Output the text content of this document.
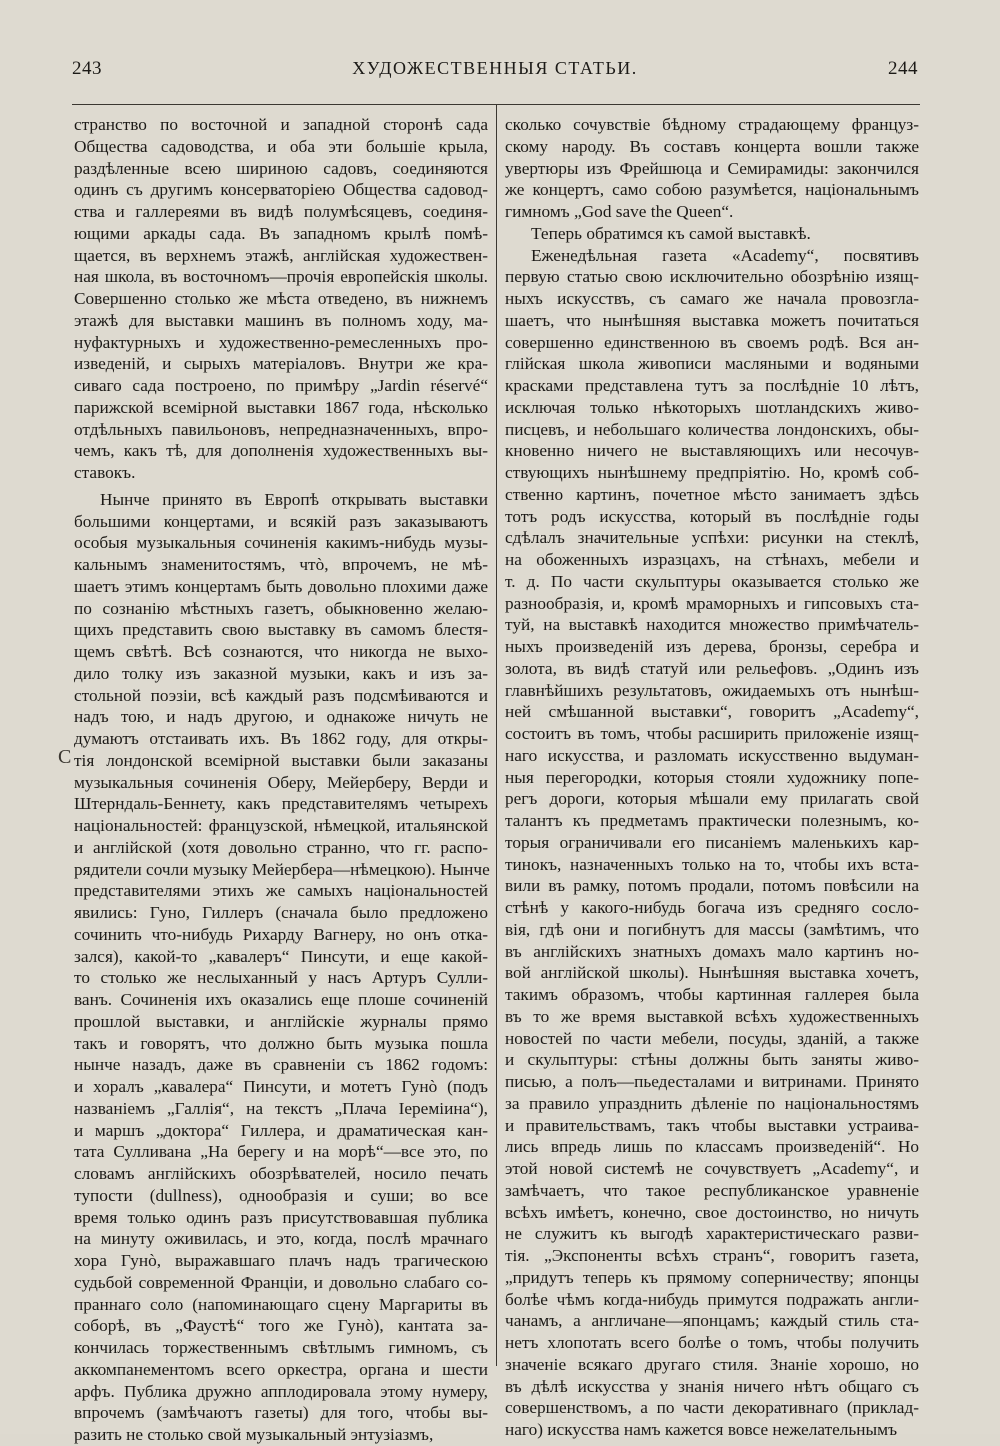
243	ХУДОЖЕСТВЕННЫЯ СТАТЬИ.	244
С
странство по восточной и западной сторонѣ сада
Общества садоводства, и оба эти большіе крыла,
раздѣленные всею шириною садовъ, соединяются
одинъ съ другимъ консерваторіею Общества садовод-
ства и галлереями въ видѣ полумѣсяцевъ, соединя-
ющими аркады сада. Въ западномъ крылѣ помѣ-
щается, въ верхнемъ этажѣ, англійская художествен-
ная школа, въ восточномъ—прочія европейскія школы.
Совершенно столько же мѣста отведено, въ нижнемъ
этажѣ для выставки машинъ въ полномъ ходу, ма-
нуфактурныхъ и художественно-ремесленныхъ про-
изведеній, и сырыхъ матеріаловъ. Внутри же кра-
сиваго сада построено, по примѣру „Jardin réservé“
парижской всемірной выставки 1867 года, нѣсколько
отдѣльныхъ павильоновъ, непредназначенныхъ, впро-
чемъ, какъ тѣ, для дополненія художественныхъ вы-
ставокъ.
Нынче принято въ Европѣ открывать выставки
большими концертами, и всякій разъ заказываютъ
особыя музыкальныя сочиненія какимъ-нибудь музы-
кальнымъ знаменитостямъ, чтò, впрочемъ, не мѣ-
шаетъ этимъ концертамъ быть довольно плохими даже
по сознанію мѣстныхъ газетъ, обыкновенно желаю-
щихъ представить свою выставку въ самомъ блестя-
щемъ свѣтѣ. Всѣ сознаются, что никогда не выхо-
дило толку изъ заказной музыки, какъ и изъ за-
стольной поэзіи, всѣ каждый разъ подсмѣиваются и
надъ тою, и надъ другою, и однакоже ничуть не
думаютъ отстаивать ихъ. Въ 1862 году, для откры-
тія лондонской всемірной выставки были заказаны
музыкальныя сочиненія Оберу, Мейерберу, Верди и
Штерндаль-Беннету, какъ представителямъ четырехъ
національностей: французской, нѣмецкой, итальянской
и англійской (хотя довольно странно, что гг. распо-
рядители сочли музыку Мейербера—нѣмецкою). Нынче
представителями этихъ же самыхъ національностей
явились: Гуно, Гиллеръ (сначала было предложено
сочинить что-нибудь Рихарду Вагнеру, но онъ отка-
зался), какой-то „кавалеръ“ Пинсути, и еще какой-
то столько же неслыханный у насъ Артуръ Сулли-
ванъ. Сочиненія ихъ оказались еще плоше сочиненій
прошлой выставки, и англійскіе журналы прямо
такъ и говорятъ, что должно быть музыка пошла
нынче назадъ, даже въ сравненіи съ 1862 годомъ:
и хоралъ „кавалера“ Пинсути, и мотетъ Гунò (подъ
названіемъ „Галлія“, на текстъ „Плача Іереміина“),
и маршъ „доктора“ Гиллера, и драматическая кан-
тата Сулливана „На берегу и на морѣ“—все это, по
словамъ англійскихъ обозрѣвателей, носило печать
тупости (dullness), однообразія и суши; во все
время только одинъ разъ присутствовавшая публика
на минуту оживилась, и это, когда, послѣ мрачнаго
хора Гунò, выражавшаго плачъ надъ трагическою
судьбой современной Франціи, и довольно слабаго со-
праннаго соло (напоминающаго сцену Маргариты въ
соборѣ, въ „Фаустѣ“ того же Гунò), кантата за-
кончилась торжественнымъ свѣтлымъ гимномъ, съ
аккомпанементомъ всего оркестра, органа и шести
арфъ. Публика дружно апплодировала этому нумеру,
впрочемъ (замѣчаютъ газеты) для того, чтобы вы-
разить не столько свой музыкальный энтузіазмъ,
сколько сочувствіе бѣдному страдающему француз-
скому народу. Въ составъ концерта вошли также
увертюры изъ Фрейшюца и Семирамиды: закончился
же концертъ, само собою разумѣется, національнымъ
гимномъ „God save the Queen“.
Теперь обратимся къ самой выставкѣ.
Еженедѣльная газета «Academy“, посвятивъ
первую статью свою исключительно обозрѣнію изящ-
ныхъ искусствъ, съ самаго же начала провозгла-
шаетъ, что нынѣшняя выставка можетъ почитаться
совершенно единственною въ своемъ родѣ. Вся ан-
глійская школа живописи масляными и водяными
красками представлена тутъ за послѣдніе 10 лѣтъ,
исключая только нѣкоторыхъ шотландскихъ живо-
писцевъ, и небольшаго количества лондонскихъ, обы-
кновенно ничего не выставляющихъ или несочув-
ствующихъ нынѣшнему предпріятію. Но, кромѣ соб-
ственно картинъ, почетное мѣсто занимаетъ здѣсь
тотъ родъ искусства, который въ послѣдніе годы
сдѣлалъ значительные успѣхи: рисунки на стеклѣ,
на обоженныхъ изразцахъ, на стѣнахъ, мебели и
т. д. По части скульптуры оказывается столько же
разнообразія, и, кромѣ мраморныхъ и гипсовыхъ ста-
туй, на выставкѣ находится множество примѣчатель-
ныхъ произведеній изъ дерева, бронзы, серебра и
золота, въ видѣ статуй или рельефовъ. „Одинъ изъ
главнѣйшихъ результатовъ, ожидаемыхъ отъ нынѣш-
ней смѣшанной выставки“, говоритъ „Academy“,
состоитъ въ томъ, чтобы расширить приложеніе изящ-
наго искусства, и разломать искусственно выдуман-
ныя перегородки, которыя стояли художнику попе-
регъ дороги, которыя мѣшали ему прилагать свой
талантъ къ предметамъ практически полезнымъ, ко-
торыя ограничивали его писаніемъ маленькихъ кар-
тинокъ, назначенныхъ только на то, чтобы ихъ вста-
вили въ рамку, потомъ продали, потомъ повѣсили на
стѣнѣ у какого-нибудь богача изъ средняго сосло-
вія, гдѣ они и погибнутъ для массы (замѣтимъ, что
въ англійскихъ знатныхъ домахъ мало картинъ но-
вой англійской школы). Нынѣшняя выставка хочетъ,
такимъ образомъ, чтобы картинная галлерея была
въ то же время выставкой всѣхъ художественныхъ
новостей по части мебели, посуды, зданій, а также
и скульптуры: стѣны должны быть заняты живо-
писью, а полъ—пьедесталами и витринами. Принято
за правило упразднить дѣленіе по національностямъ
и правительствамъ, такъ чтобы выставки устраива-
лись впредь лишь по классамъ произведеній“. Но
этой новой системѣ не сочувствуетъ „Academy“, и
замѣчаетъ, что такое республиканское уравненіе
всѣхъ имѣетъ, конечно, свое достоинство, но ничуть
не служитъ къ выгодѣ характеристическаго разви-
тія. „Экспоненты всѣхъ странъ“, говоритъ газета,
„придутъ теперь къ прямому соперничеству; японцы
болѣе чѣмъ когда-нибудь примутся подражать англи-
чанамъ, а англичане—японцамъ; каждый стиль ста-
нетъ хлопотать всего болѣе о томъ, чтобы получить
значеніе всякаго другаго стиля. Знаніе хорошо, но
въ дѣлѣ искусства у знанія ничего нѣтъ общаго съ
совершенствомъ, а по части декоративнаго (приклад-
наго) искусства намъ кажется вовсе нежелательнымъ
